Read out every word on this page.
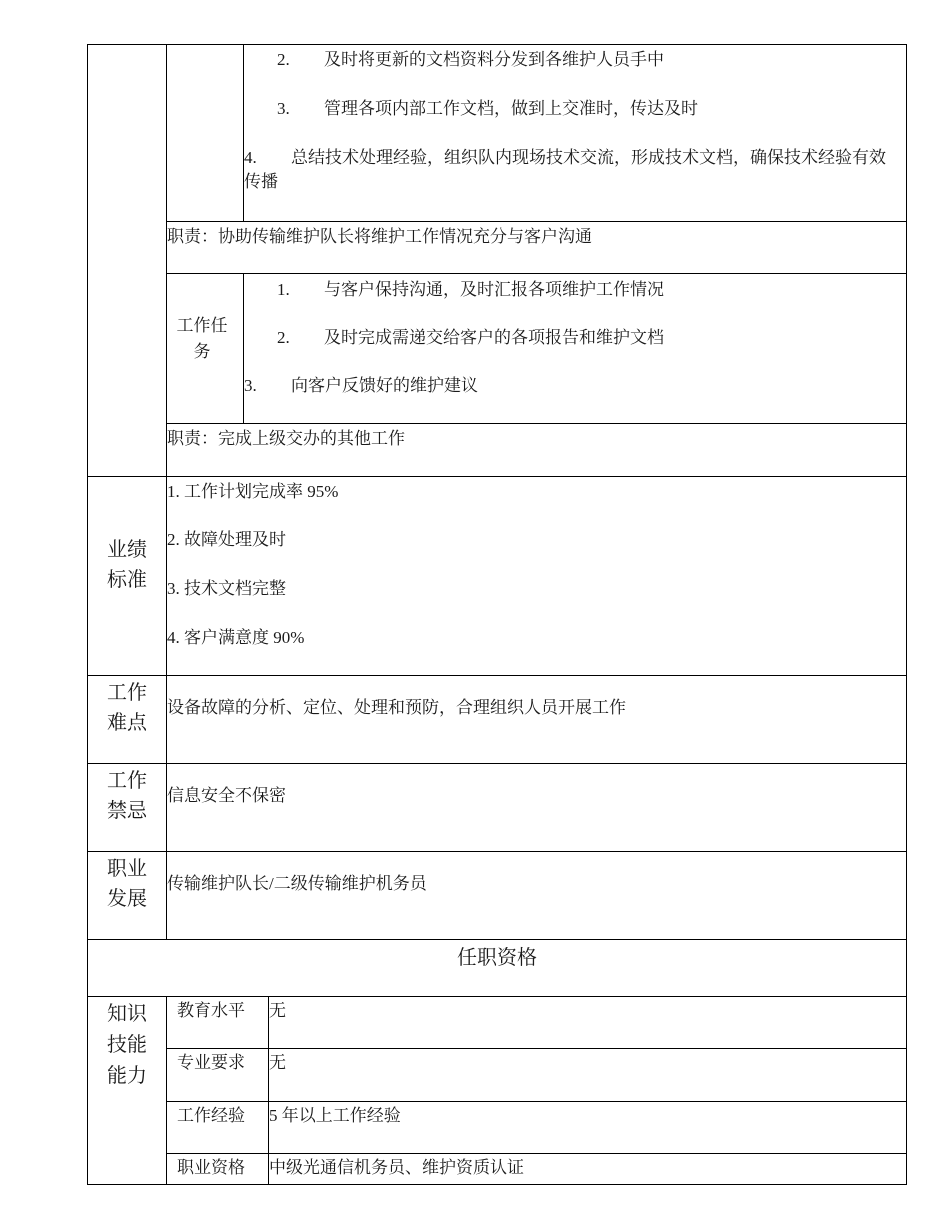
2. 及时将更新的文档资料分发到各维护人员手中
3. 管理各项内部工作文档，做到上交准时，传达及时
4. 总结技术处理经验，组织队内现场技术交流，形成技术文档，确保技术经验有效传播
职责：协助传输维护队长将维护工作情况充分与客户沟通
工作任务
1. 与客户保持沟通，及时汇报各项维护工作情况
2. 及时完成需递交给客户的各项报告和维护文档
3. 向客户反馈好的维护建议
职责：完成上级交办的其他工作
业绩标准
1. 工作计划完成率 95%
2. 故障处理及时
3. 技术文档完整
4. 客户满意度 90%
工作难点
设备故障的分析、定位、处理和预防，合理组织人员开展工作
工作禁忌
信息安全不保密
职业发展
传输维护队长/二级传输维护机务员
任职资格
知识技能能力
教育水平 无
专业要求 无
工作经验 5 年以上工作经验
职业资格 中级光通信机务员、维护资质认证
